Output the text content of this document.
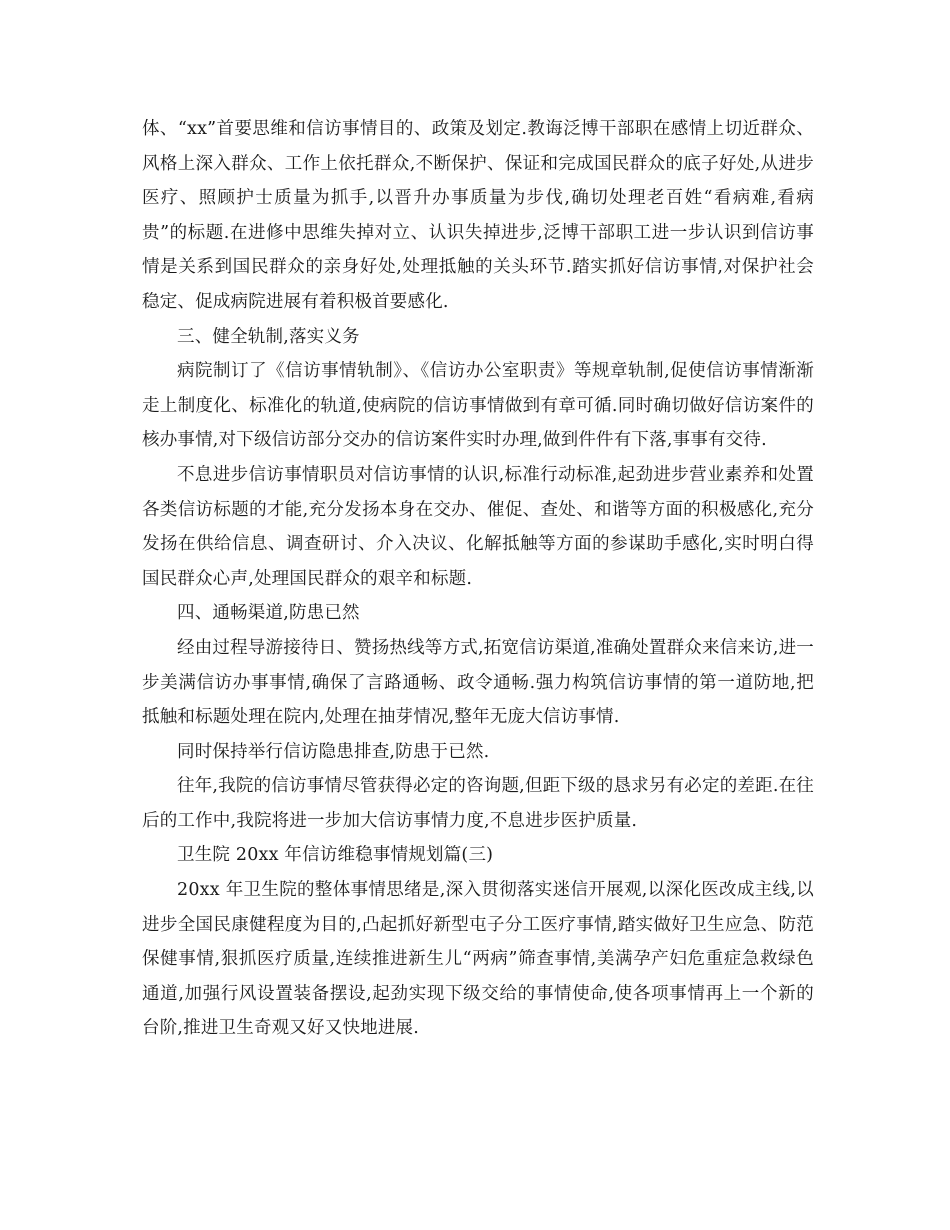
体、“xx”首要思维和信访事情目的、政策及划定.教诲泛博干部职在感情上切近群众、风格上深入群众、工作上依托群众,不断保护、保证和完成国民群众的底子好处,从进步医疗、照顾护士质量为抓手,以晋升办事质量为步伐,确切处理老百姓“看病难,看病贵”的标题.在进修中思维失掉对立、认识失掉进步,泛博干部职工进一步认识到信访事情是关系到国民群众的亲身好处,处理抵触的关头环节.踏实抓好信访事情,对保护社会稳定、促成病院进展有着积极首要感化.

三、健全轨制,落实义务

病院制订了《信访事情轨制》、《信访办公室职责》等规章轨制,促使信访事情渐渐走上制度化、标准化的轨道,使病院的信访事情做到有章可循.同时确切做好信访案件的核办事情,对下级信访部分交办的信访案件实时办理,做到件件有下落,事事有交待.

不息进步信访事情职员对信访事情的认识,标准行动标准,起劲进步营业素养和处置各类信访标题的才能,充分发扬本身在交办、催促、查处、和谐等方面的积极感化,充分发扬在供给信息、调查研讨、介入决议、化解抵触等方面的参谋助手感化,实时明白得国民群众心声,处理国民群众的艰辛和标题.

四、通畅渠道,防患已然

经由过程导游接待日、赞扬热线等方式,拓宽信访渠道,准确处置群众来信来访,进一步美满信访办事事情,确保了言路通畅、政令通畅.强力构筑信访事情的第一道防地,把抵触和标题处理在院内,处理在抽芽情况,整年无庞大信访事情.

同时保持举行信访隐患排查,防患于已然.

往年,我院的信访事情尽管获得必定的咨询题,但距下级的恳求另有必定的差距.在往后的工作中,我院将进一步加大信访事情力度,不息进步医护质量.

卫生院 20xx 年信访维稳事情规划篇(三)

20xx 年卫生院的整体事情思绪是,深入贯彻落实迷信开展观,以深化医改成主线,以进步全国民康健程度为目的,凸起抓好新型屯子分工医疗事情,踏实做好卫生应急、防范保健事情,狠抓医疗质量,连续推进新生儿“两病”筛查事情,美满孕产妇危重症急救绿色通道,加强行风设置装备摆设,起劲实现下级交给的事情使命,使各项事情再上一个新的台阶,推进卫生奇观又好又快地进展.
